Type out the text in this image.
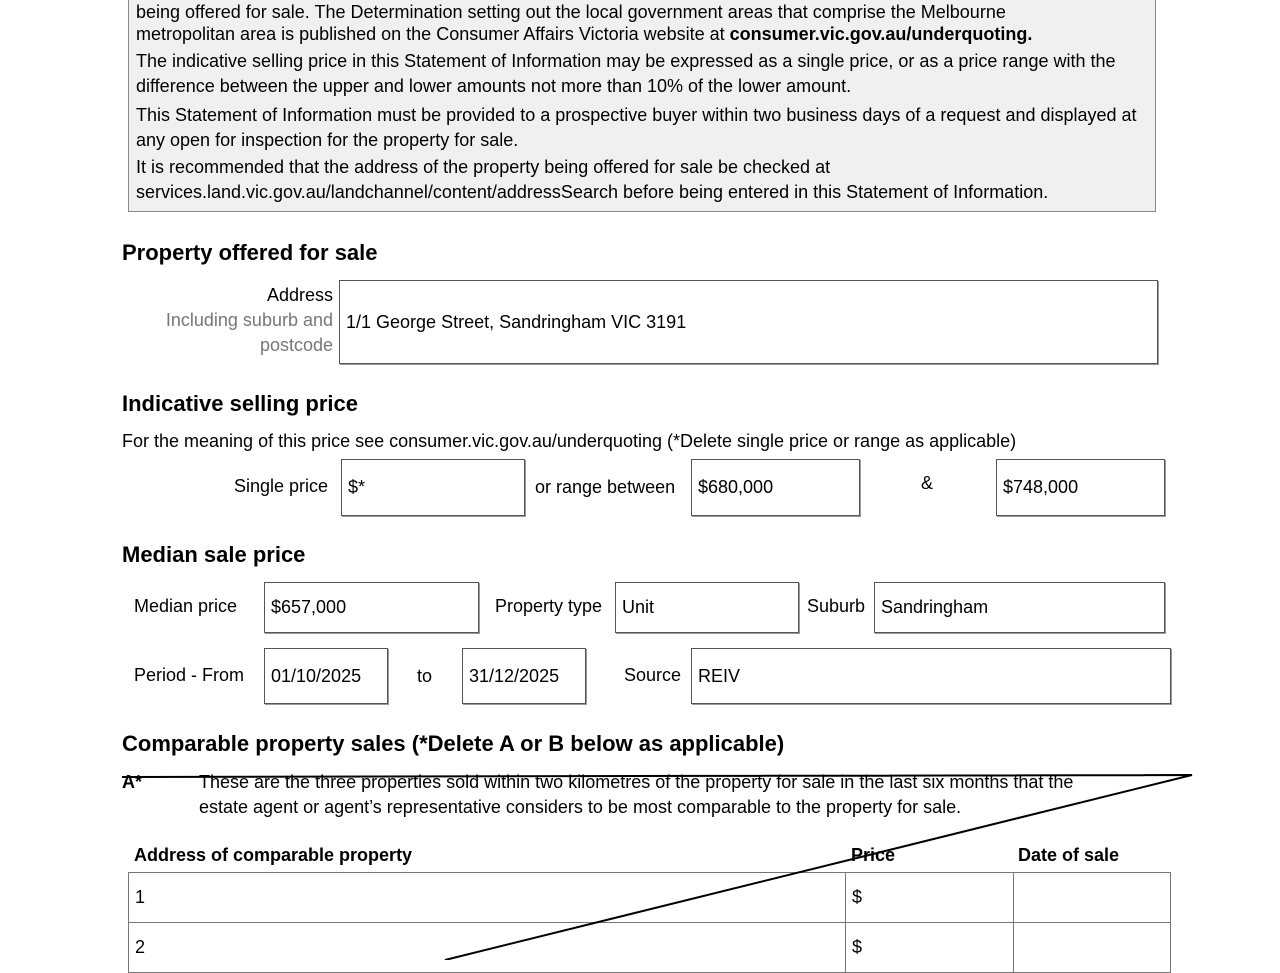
being offered for sale. The Determination setting out the local government areas that comprise the Melbourne

metropolitan area is published on the Consumer Affairs Victoria website at consumer.vic.gov.au/underquoting.

The indicative selling price in this Statement of Information may be expressed as a single price, or as a price range with the difference between the upper and lower amounts not more than 10% of the lower amount.

This Statement of Information must be provided to a prospective buyer within two business days of a request and displayed at any open for inspection for the property for sale.

It is recommended that the address of the property being offered for sale be checked at services.land.vic.gov.au/landchannel/content/addressSearch before being entered in this Statement of Information.

Property offered for sale
Address
Including suburb and
postcode
1/1 George Street, Sandringham VIC 3191
Indicative selling price
For the meaning of this price see consumer.vic.gov.au/underquoting (*Delete single price or range as applicable)
Single price	$*	or range between	$680,000	&	$748,000
Median sale price
Median price	$657,000	Property type	Unit	Suburb Sandringham
Period - From	01/10/2025	to	31/12/2025	Source REIV
Comparable property sales (*Delete A or B below as applicable)
A*	These are the three properties sold within two kilometres of the property for sale in the last six months that the
estate agent or agent’s representative considers to be most comparable to the property for sale.
Address of comparable property	Price	Date of sale
1	$	
2	$	
